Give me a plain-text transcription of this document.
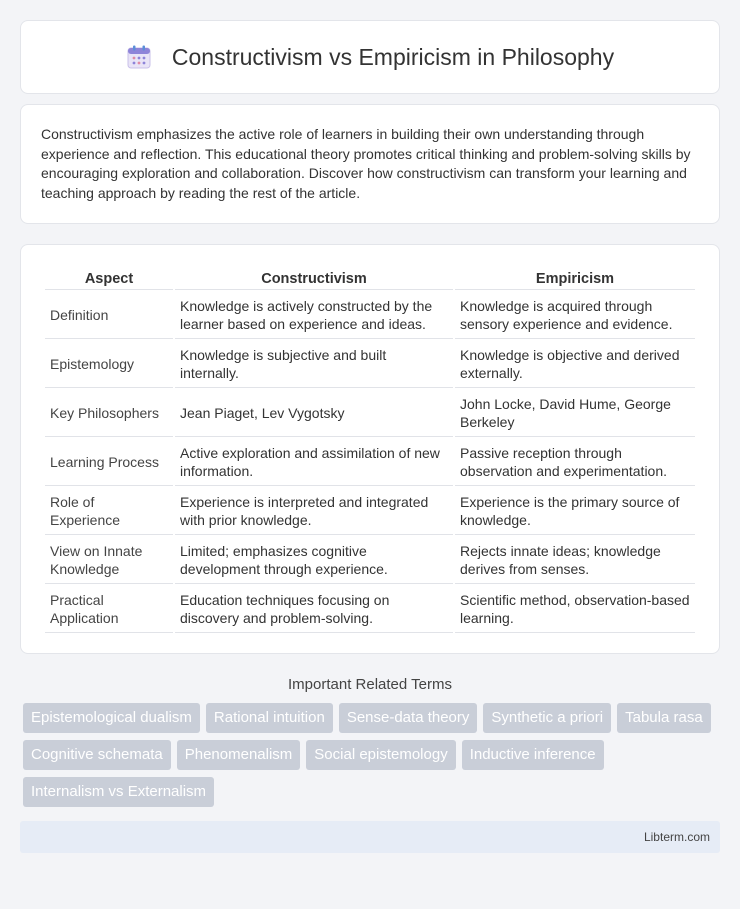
Constructivism vs Empiricism in Philosophy
Constructivism emphasizes the active role of learners in building their own understanding through experience and reflection. This educational theory promotes critical thinking and problem-solving skills by encouraging exploration and collaboration. Discover how constructivism can transform your learning and teaching approach by reading the rest of the article.
Aspect	Constructivism	Empiricism
Definition	Knowledge is actively constructed by the learner based on experience and ideas.	Knowledge is acquired through sensory experience and evidence.
Epistemology	Knowledge is subjective and built internally.	Knowledge is objective and derived externally.
Key Philosophers	Jean Piaget, Lev Vygotsky	John Locke, David Hume, George Berkeley
Learning Process	Active exploration and assimilation of new information.	Passive reception through observation and experimentation.
Role of Experience	Experience is interpreted and integrated with prior knowledge.	Experience is the primary source of knowledge.
View on Innate Knowledge	Limited; emphasizes cognitive development through experience.	Rejects innate ideas; knowledge derives from senses.
Practical Application	Education techniques focusing on discovery and problem-solving.	Scientific method, observation-based learning.
Important Related Terms
Epistemological dualism	Rational intuition	Sense-data theory	Synthetic a priori	Tabula rasa
Cognitive schemata	Phenomenalism	Social epistemology	Inductive inference
Internalism vs Externalism
Libterm.com
